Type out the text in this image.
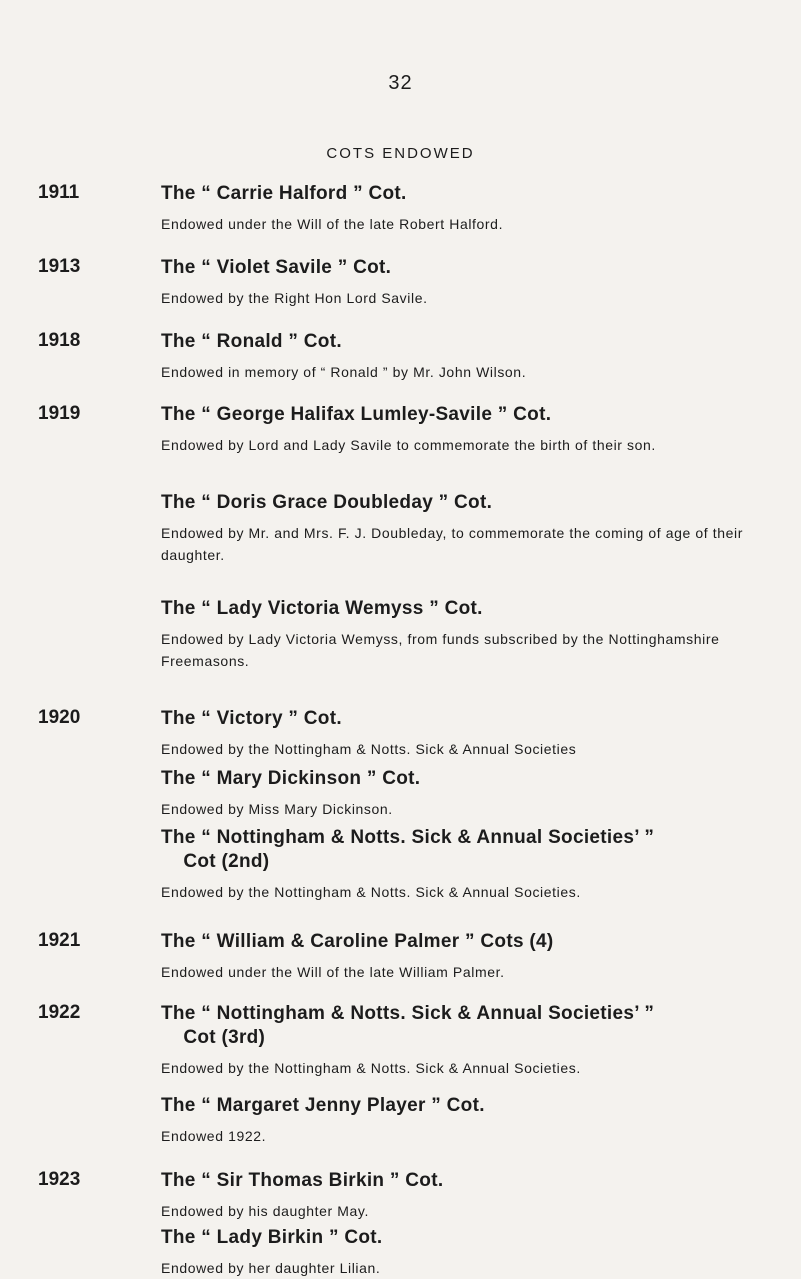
32
COTS ENDOWED
1911
1913
1918
1919
1920
1921
1922
1923
The “ Carrie Halford ” Cot.
Endowed under the Will of the late Robert Halford.
The “ Violet Savile ” Cot.
Endowed by the Right Hon Lord Savile.
The “ Ronald ” Cot.
Endowed in memory of “ Ronald ” by Mr. John Wilson.
The “ George Halifax Lumley-Savile ” Cot.
Endowed by Lord and Lady Savile to commemorate the birth of their son.
The “ Doris Grace Doubleday ” Cot.
Endowed by Mr. and Mrs. F. J. Doubleday, to commemorate the coming of age of their daughter.
The “ Lady Victoria Wemyss ” Cot.
Endowed by Lady Victoria Wemyss, from funds subscribed by the Nottinghamshire Freemasons.
The “ Victory ” Cot.
Endowed by the Nottingham & Notts. Sick & Annual Societies
The “ Mary Dickinson ” Cot.
Endowed by Miss Mary Dickinson.
The “ Nottingham & Notts. Sick & Annual Societies’ ”
Cot (2nd)
Endowed by the Nottingham & Notts. Sick & Annual Societies.
The “ William & Caroline Palmer ” Cots (4)
Endowed under the Will of the late William Palmer.
The “ Nottingham & Notts. Sick & Annual Societies’ ”
Cot (3rd)
Endowed by the Nottingham & Notts. Sick & Annual Societies.
The “ Margaret Jenny Player ” Cot.
Endowed 1922.
The “ Sir Thomas Birkin ” Cot.
Endowed by his daughter May.
The “ Lady Birkin ” Cot.
Endowed by her daughter Lilian.
